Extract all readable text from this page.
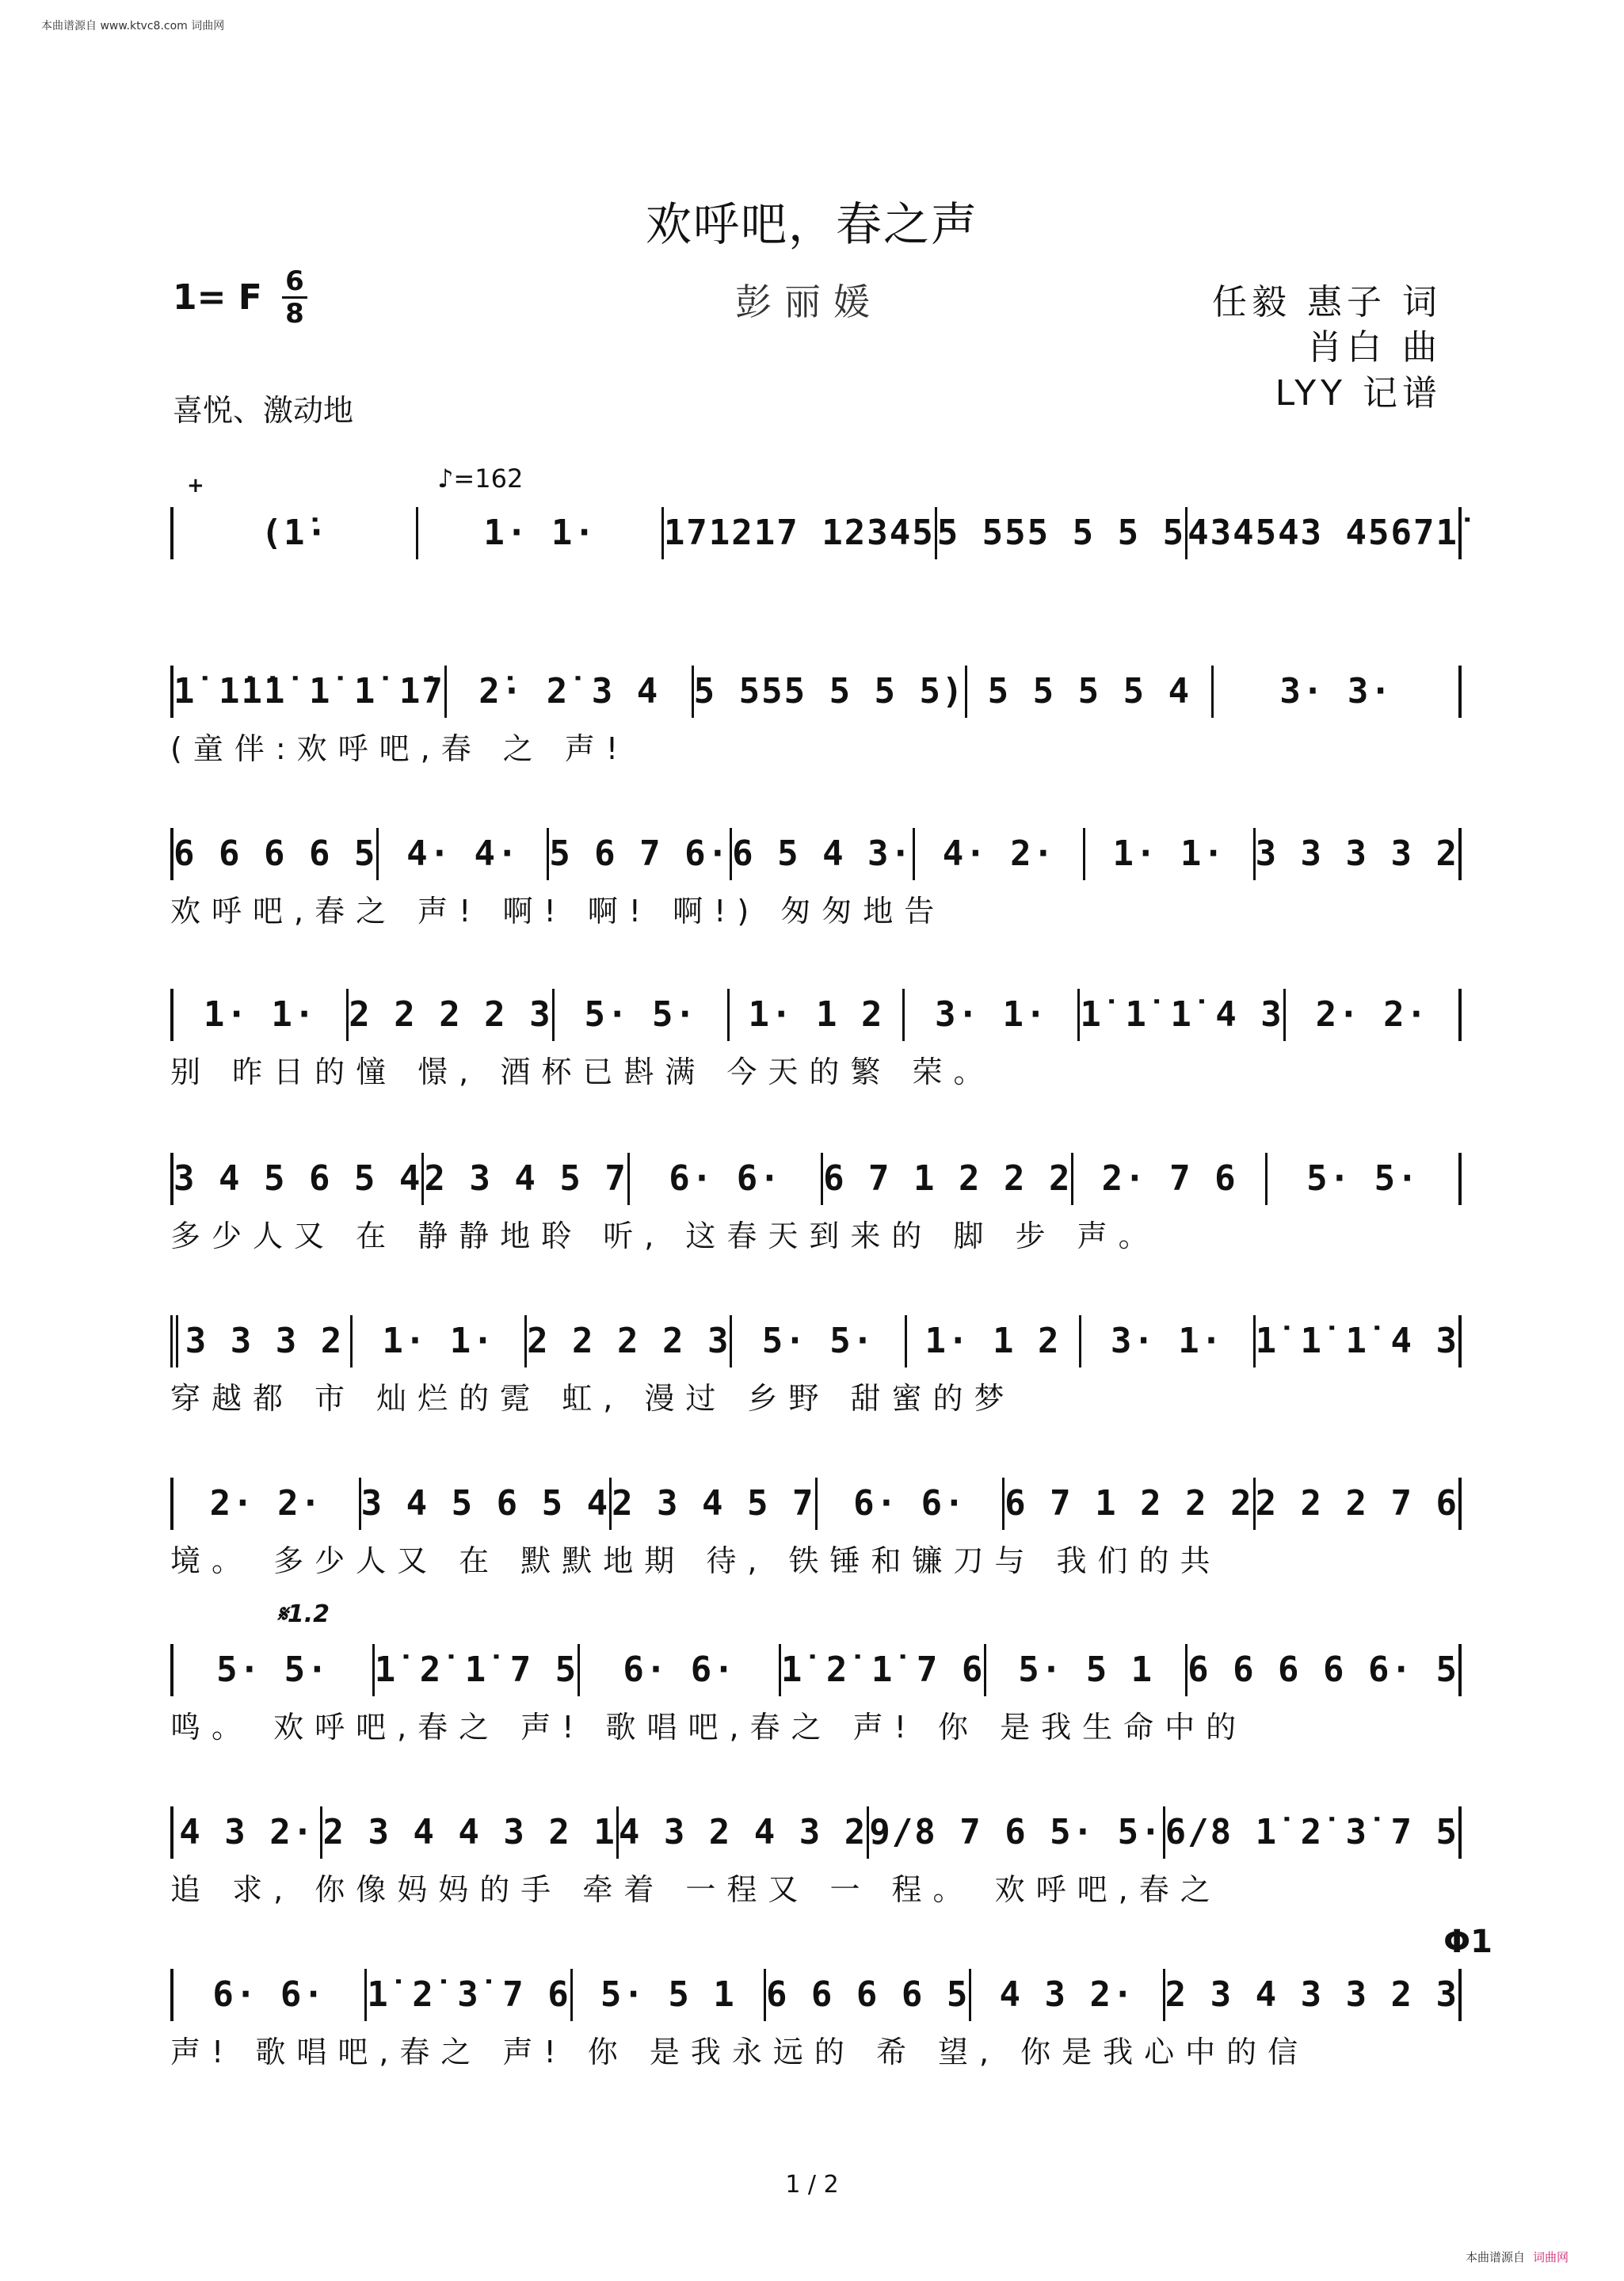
本曲谱源自 www.ktvc8.com 词曲网
欢呼吧，春之声
1= F 6
8	彭丽媛	任毅 惠子 词
肖白 曲
LYY 记谱
喜悦、激动地
♪=162
+
𝄋1.2
Φ1
(1̇·	1· 1·	171217 12345 5 555 5 5 5 434543 45671̇
1̇ 1̇1̇1̇ 1̇ 1̇ 1̇7 2̇· 2̇ 3 4 5 555 5 5 5) 5 5 5 5 4	3· 3·
(童伴:欢呼吧,春 之 声!
6 6 6 6 5 4· 4· 5 6 7 6· 6 5 4 3· 4· 2·	1· 1· 3 3 3 3 2
欢呼吧,春之 声! 啊! 啊! 啊!) 匆匆地告
1· 1· 2 2 2 2 3 5· 5·	1· 1 2	3· 1· 1̇ 1̇ 1̇ 4 3 2· 2·
别 昨日的憧 憬, 酒杯已斟满 今天的繁 荣。
3 4 5 6 5 4 2 3 4 5 7	6· 6·	6 7 1 2 2 2 2· 7 6	5· 5·
多少人又 在 静静地聆 听, 这春天到来的 脚 步 声。
3 3 3 2	1· 1· 2 2 2 2 3 5· 5·	1· 1 2	3· 1· 1̇ 1̇ 1̇ 4 3
穿越都 市 灿烂的霓 虹, 漫过 乡野 甜蜜的梦
2· 2·	3 4 5 6 5 4 2 3 4 5 7	6· 6·	6 7 1 2 2 2 2 2 2 7 6
境。 多少人又 在 默默地期 待, 铁锤和镰刀与 我们的共
5· 5·	1̇ 2̇ 1̇ 7 5	6· 6·	1̇ 2̇ 1̇ 7 6 5· 5 1 6 6 6 6 6· 5
鸣。 欢呼吧,春之 声! 歌唱吧,春之 声! 你 是我生命中的
4 3 2· 2 3 4 4 3 2 1 4 3 2 4 3 2 9/8 7 6 5· 5· 6/8 1̇ 2̇ 3̇ 7 5
追 求, 你像妈妈的手 牵着 一程又 一 程。 欢呼吧,春之
6· 6·	1̇ 2̇ 3̇ 7 6 5· 5 1 6 6 6 6 5 4 3 2· 2 3 4 3 3 2 3
声! 歌唱吧,春之 声! 你 是我永远的 希 望, 你是我心中的信
1 / 2
本曲谱源自 词曲网
